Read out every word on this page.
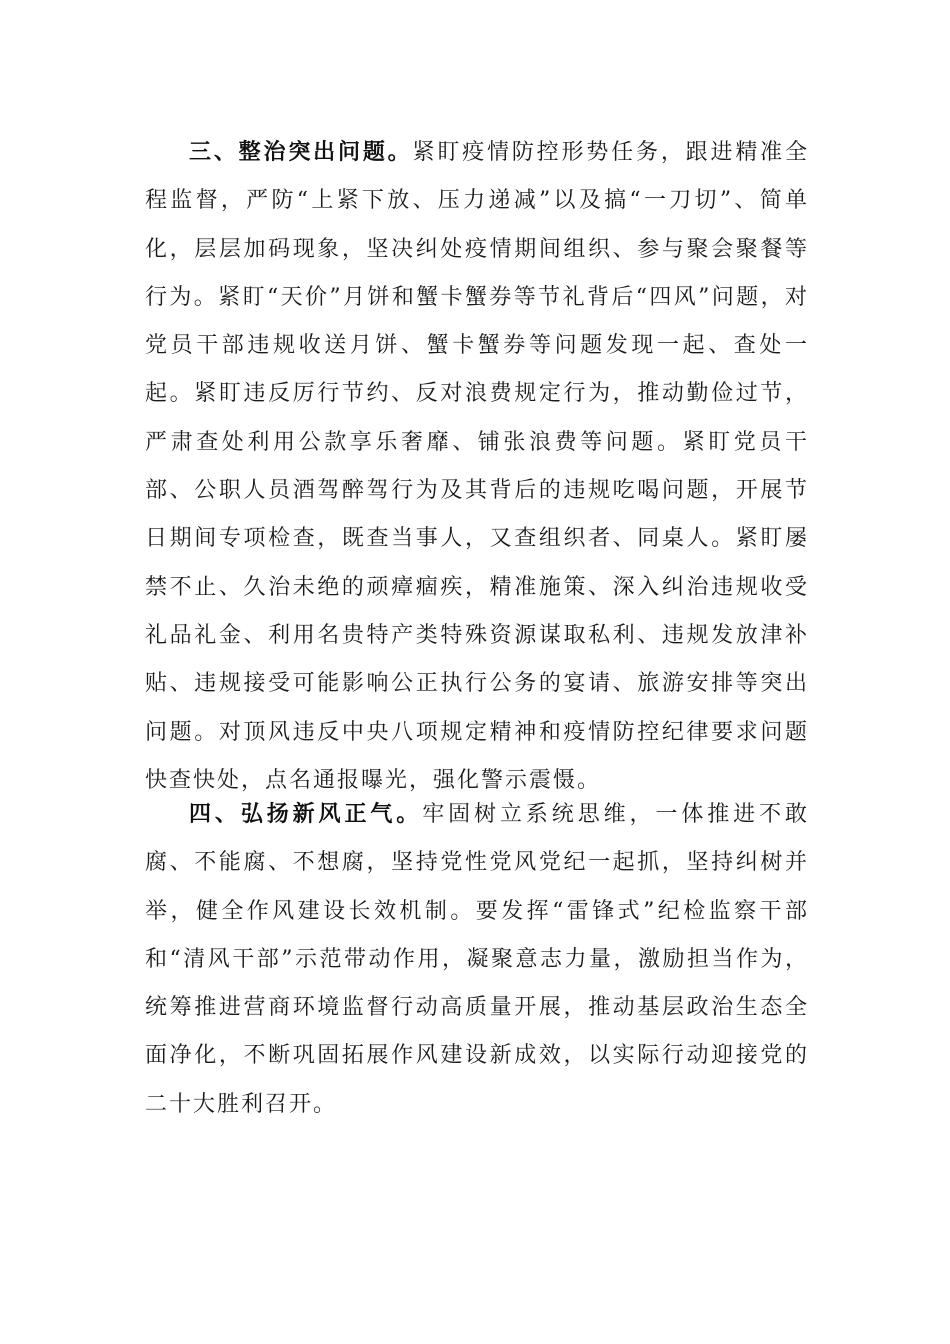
三、整治突出问题。紧盯疫情防控形势任务，跟进精准全程监督，严防“上紧下放、压力递减”以及搞“一刀切”、简单化，层层加码现象，坚决纠处疫情期间组织、参与聚会聚餐等行为。紧盯“天价”月饼和蟹卡蟹券等节礼背后“四风”问题，对党员干部违规收送月饼、蟹卡蟹券等问题发现一起、查处一起。紧盯违反厉行节约、反对浪费规定行为，推动勤俭过节，严肃查处利用公款享乐奢靡、铺张浪费等问题。紧盯党员干部、公职人员酒驾醉驾行为及其背后的违规吃喝问题，开展节日期间专项检查，既查当事人，又查组织者、同桌人。紧盯屡禁不止、久治未绝的顽瘴痼疾，精准施策、深入纠治违规收受礼品礼金、利用名贵特产类特殊资源谋取私利、违规发放津补贴、违规接受可能影响公正执行公务的宴请、旅游安排等突出问题。对顶风违反中央八项规定精神和疫情防控纪律要求问题快查快处，点名通报曝光，强化警示震慑。

四、弘扬新风正气。牢固树立系统思维，一体推进不敢腐、不能腐、不想腐，坚持党性党风党纪一起抓，坚持纠树并举，健全作风建设长效机制。要发挥“雷锋式”纪检监察干部和“清风干部”示范带动作用，凝聚意志力量，激励担当作为，统筹推进营商环境监督行动高质量开展，推动基层政治生态全面净化，不断巩固拓展作风建设新成效，以实际行动迎接党的二十大胜利召开。
